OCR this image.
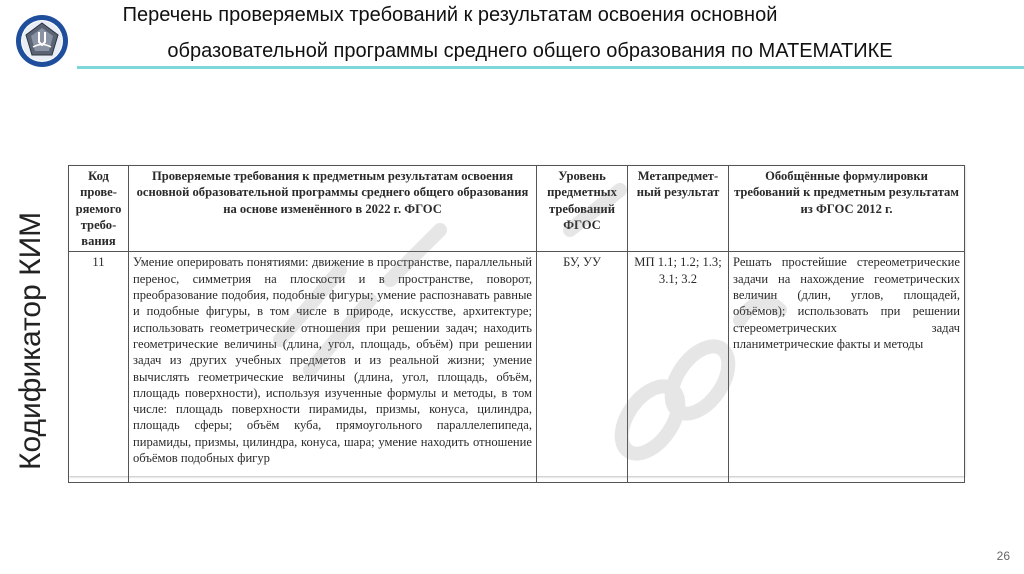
Перечень проверяемых требований к результатам освоения основной
образовательной программы среднего общего образования по МАТЕМАТИКЕ
Кодификатор КИМ
Код прове-ряемого требо-вания	Проверяемые требования к предметным результатам освоения основной образовательной программы среднего общего образования на основе изменённого в 2022 г. ФГОС	Уровень предметных требований ФГОС	Метапредмет-ный результат	Обобщённые формулировки требований к предметным результатам из ФГОС 2012 г.
11	Умение оперировать понятиями: движение в пространстве, параллельный перенос, симметрия на плоскости и в пространстве, поворот, преобразование подобия, подобные фигуры; умение распознавать равные и подобные фигуры, в том числе в природе, искусстве, архитектуре; использовать геометрические отношения при решении задач; находить геометрические величины (длина, угол, площадь, объём) при решении задач из других учебных предметов и из реальной жизни; умение вычислять геометрические величины (длина, угол, площадь, объём, площадь поверхности), используя изученные формулы и методы, в том числе: площадь поверхности пирамиды, призмы, конуса, цилиндра, площадь сферы; объём куба, прямоугольного параллелепипеда, пирамиды, призмы, цилиндра, конуса, шара; умение находить отношение объёмов подобных фигур	БУ, УУ	МП 1.1; 1.2; 1.3; 3.1; 3.2	Решать простейшие стереометрические задачи на нахождение геометрических величин (длин, углов, площадей, объёмов); использовать при решении стереометрических задач планиметрические факты и методы
26
